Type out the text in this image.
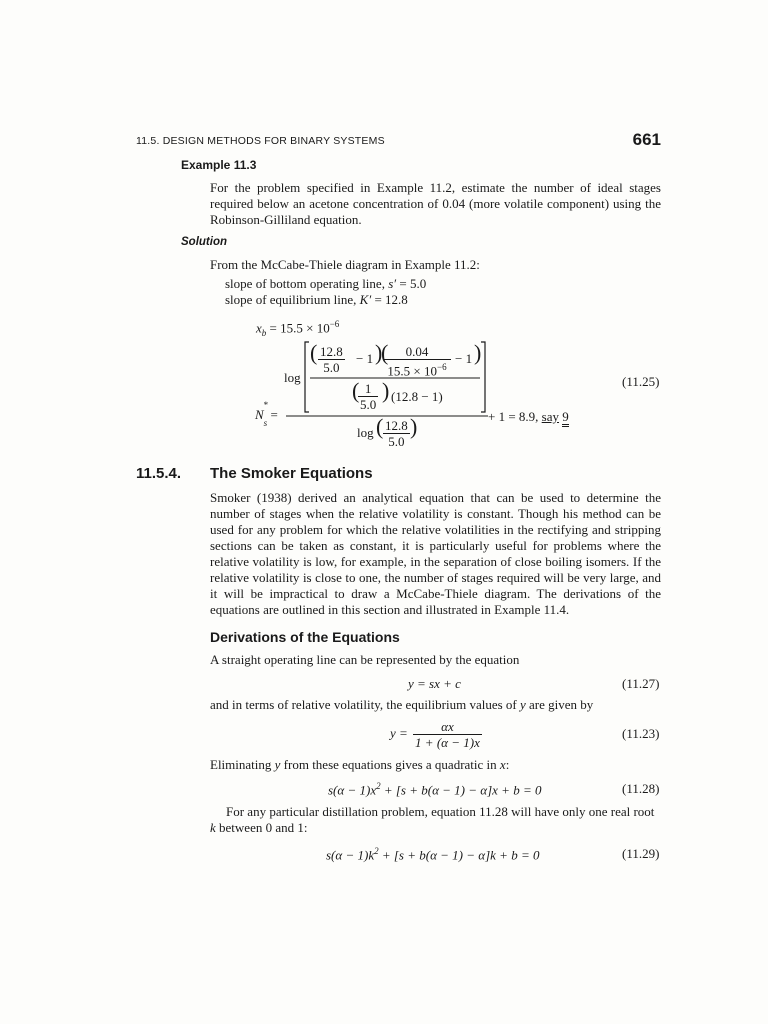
11.5. DESIGN METHODS FOR BINARY SYSTEMS	661
Example 11.3
For the problem specified in Example 11.2, estimate the number of ideal stages required below an acetone concentration of 0.04 (more volatile component) using the Robinson-Gilliland equation.
Solution
From the McCabe-Thiele diagram in Example 11.2:
slope of bottom operating line, s′ = 5.0
slope of equilibrium line, K′ = 12.8
$x_b = 15.5 \times 10^{-6}$
( $\frac{12.8}{5.0} - 1$ )
(
$\frac{0.04}{15.5 \times 10^{-6}} - 1$ )
log
(
$\frac{1}{5.0}$ ) (12.8 − 1)
N
*
$_s$ =
log ( $\frac{12.8}{5.0}$ )	+ 1 = 8.9, say 9
(11.25)
11.5.4. The Smoker Equations
Smoker (1938) derived an analytical equation that can be used to determine the number of stages when the relative volatility is constant. Though his method can be used for any problem for which the relative volatilities in the rectifying and stripping sections can be taken as constant, it is particularly useful for problems where the relative volatility is low, for example, in the separation of close boiling isomers. If the relative volatility is close to one, the number of stages required will be very large, and it will be impractical to draw a McCabe-Thiele diagram. The derivations of the equations are outlined in this section and illustrated in Example 11.4.
Derivations of the Equations
A straight operating line can be represented by the equation
y = sx + c	(11.27)
and in terms of relative volatility, the equilibrium values of y are given by
$y = \frac{\alpha x}{1 + (\alpha - 1)x}$	(11.23)
Eliminating y from these equations gives a quadratic in x:
$s(\alpha - 1)x^2 + [s + b(\alpha - 1) - \alpha]x + b = 0$	(11.28)
For any particular distillation problem, equation 11.28 will have only one real root
k between 0 and 1:
$s(\alpha - 1)k^2 + [s + b(\alpha - 1) - \alpha]k + b = 0$	(11.29)
